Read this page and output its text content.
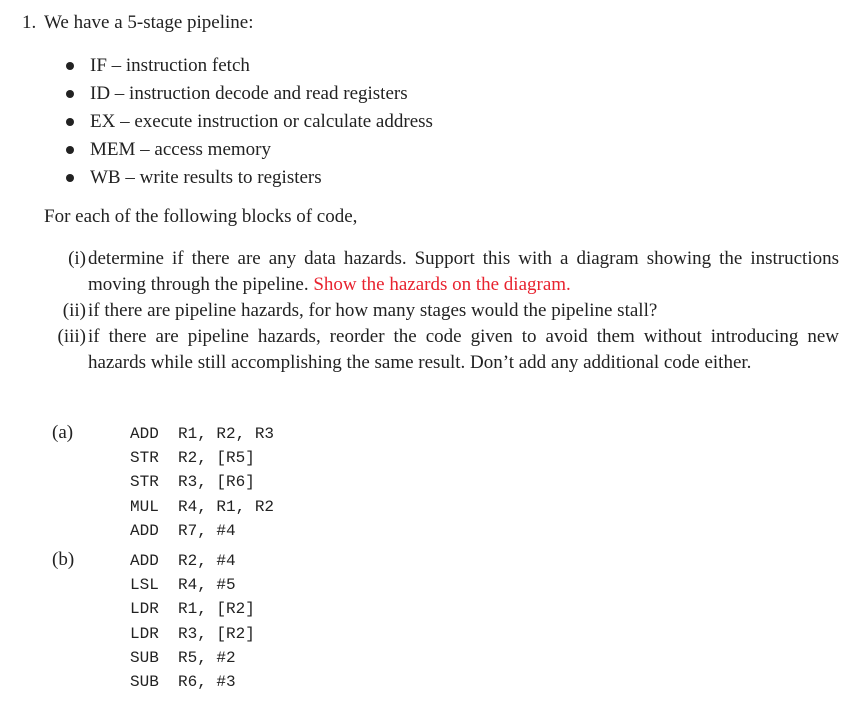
1. We have a 5-stage pipeline:
IF – instruction fetch
ID – instruction decode and read registers
EX – execute instruction or calculate address
MEM – access memory
WB – write results to registers
For each of the following blocks of code,
(i) determine if there are any data hazards. Support this with a diagram showing the instructions moving through the pipeline. Show the hazards on the diagram.
(ii) if there are pipeline hazards, for how many stages would the pipeline stall?
(iii) if there are pipeline hazards, reorder the code given to avoid them without introducing new hazards while still accomplishing the same result. Don’t add any additional code either.
(a)	ADD R1, R2, R3
STR R2, [R5]
STR R3, [R6]
MUL R4, R1, R2
ADD R7, #4
(b)	ADD R2, #4
LSL R4, #5
LDR R1, [R2]
LDR R3, [R2]
SUB R5, #2
SUB R6, #3
